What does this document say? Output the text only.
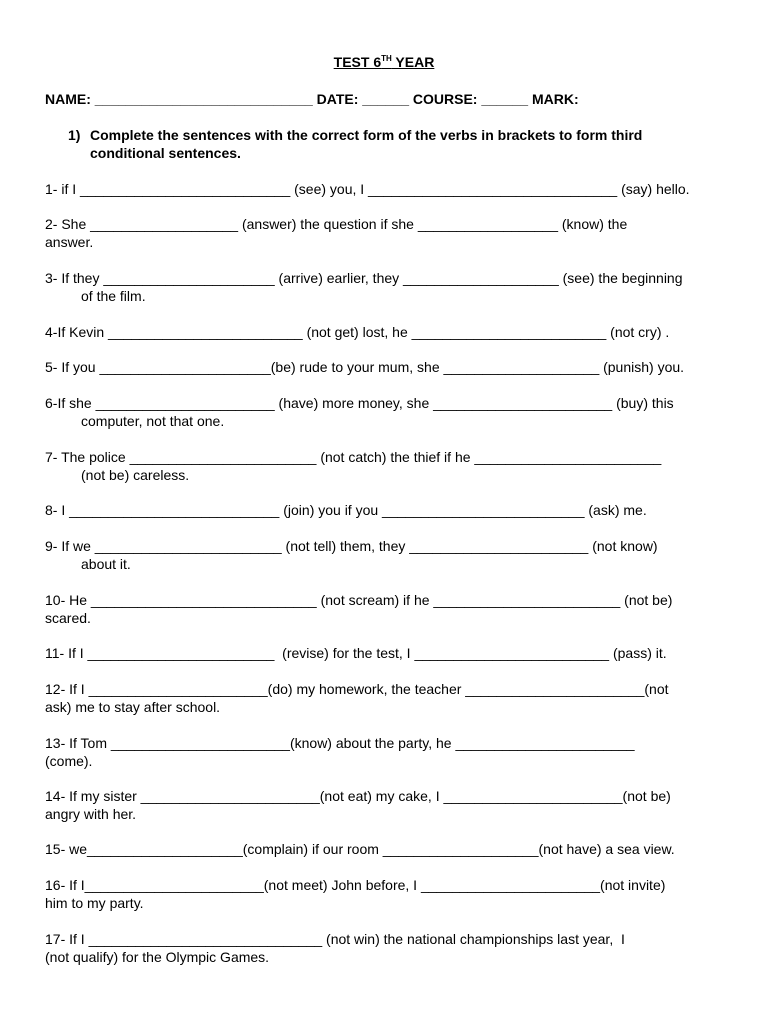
TEST 6TH YEAR
NAME: ____________________________ DATE: ______ COURSE: ______ MARK:
1) Complete the sentences with the correct form of the verbs in brackets to form third conditional sentences.
1- if I ___________________________ (see) you, I ________________________________ (say) hello.
2- She ___________________ (answer) the question if she __________________ (know) the
answer.
3- If they ______________________ (arrive) earlier, they ____________________ (see) the beginning
of the film.
4-If Kevin _________________________ (not get) lost, he _________________________ (not cry) .
5- If you ______________________(be) rude to your mum, she ____________________ (punish) you.
6-If she _______________________ (have) more money, she _______________________ (buy) this
computer, not that one.
7- The police ________________________ (not catch) the thief if he ________________________
(not be) careless.
8- I ___________________________ (join) you if you __________________________ (ask) me.
9- If we ________________________ (not tell) them, they _______________________ (not know)
about it.
10- He _____________________________ (not scream) if he ________________________ (not be)
scared.
11- If I ________________________  (revise) for the test, I _________________________ (pass) it.
12- If I _______________________(do) my homework, the teacher _______________________(not
ask) me to stay after school.
13- If Tom _______________________(know) about the party, he _______________________
(come).
14- If my sister _______________________(not eat) my cake, I _______________________(not be)
angry with her.
15- we____________________(complain) if our room ____________________(not have) a sea view.
16- If I_______________________(not meet) John before, I _______________________(not invite)
him to my party.
17- If I ______________________________ (not win) the national championships last year,  I
(not qualify) for the Olympic Games.
